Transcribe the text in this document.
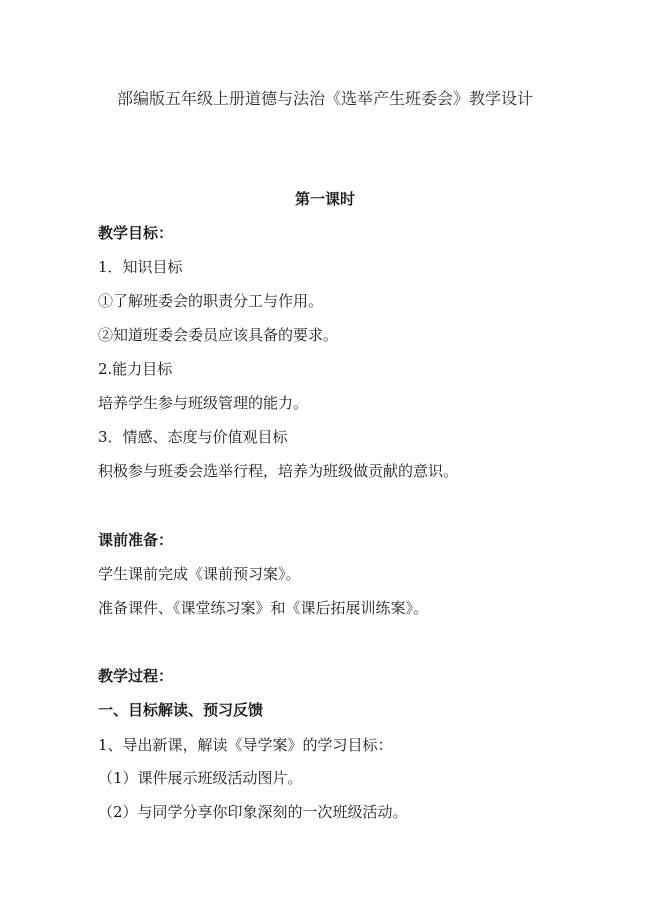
部编版五年级上册道德与法治《选举产生班委会》教学设计
第一课时
教学目标：
1．知识目标
①了解班委会的职责分工与作用。
②知道班委会委员应该具备的要求。
2.能力目标
培养学生参与班级管理的能力。
3．情感、态度与价值观目标
积极参与班委会选举行程，培养为班级做贡献的意识。
课前准备：
学生课前完成《课前预习案》。
准备课件、《课堂练习案》和《课后拓展训练案》。
教学过程：
一、目标解读、预习反馈
1、导出新课，解读《导学案》的学习目标：
（1）课件展示班级活动图片。
（2）与同学分享你印象深刻的一次班级活动。
